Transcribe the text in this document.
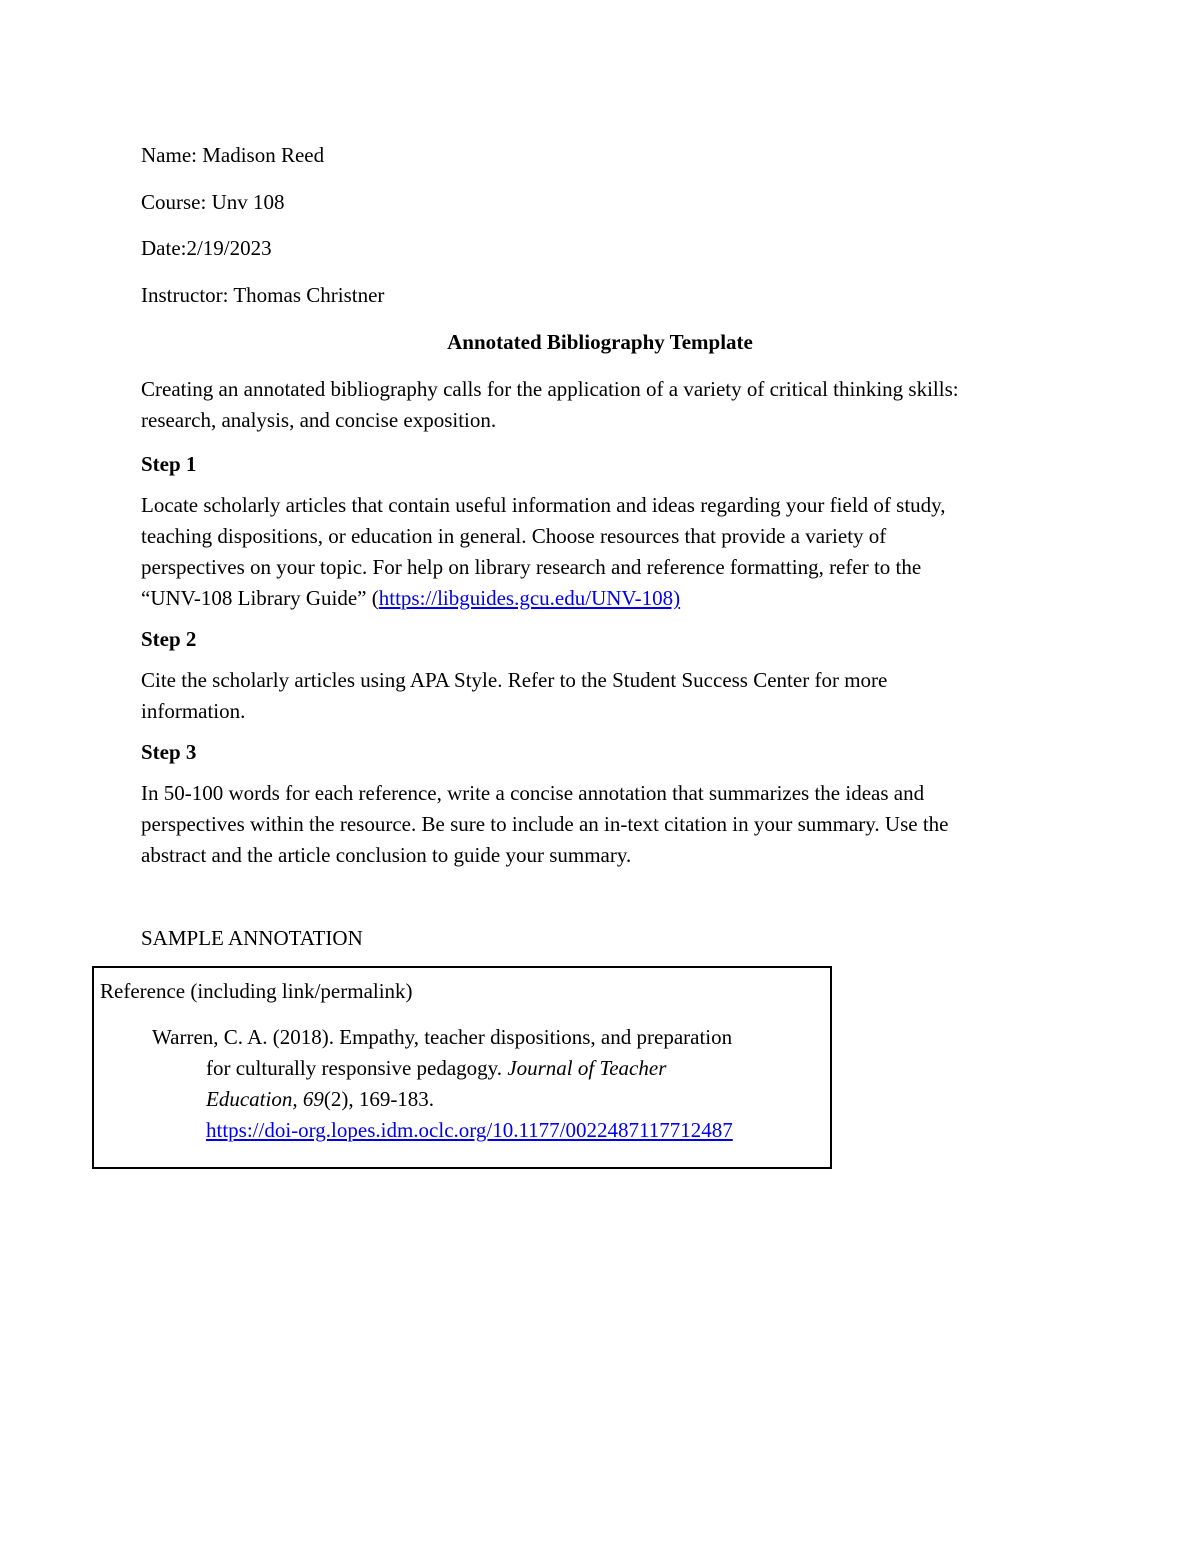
Name: Madison Reed
Course: Unv 108
Date:2/19/2023
Instructor: Thomas Christner
Annotated Bibliography Template
Creating an annotated bibliography calls for the application of a variety of critical thinking skills:
research, analysis, and concise exposition.
Step 1
Locate scholarly articles that contain useful information and ideas regarding your field of study,
teaching dispositions, or education in general. Choose resources that provide a variety of
perspectives on your topic. For help on library research and reference formatting, refer to the
“UNV-108 Library Guide” (https://libguides.gcu.edu/UNV-108)
Step 2
Cite the scholarly articles using APA Style. Refer to the Student Success Center for more
information.
Step 3
In 50-100 words for each reference, write a concise annotation that summarizes the ideas and
perspectives within the resource. Be sure to include an in-text citation in your summary. Use the
abstract and the article conclusion to guide your summary.
SAMPLE ANNOTATION
Reference (including link/permalink)
Warren, C. A. (2018). Empathy, teacher dispositions, and preparation
for culturally responsive pedagogy. Journal of Teacher
Education, 69(2), 169-183.
https://doi-org.lopes.idm.oclc.org/10.1177/0022487117712487
